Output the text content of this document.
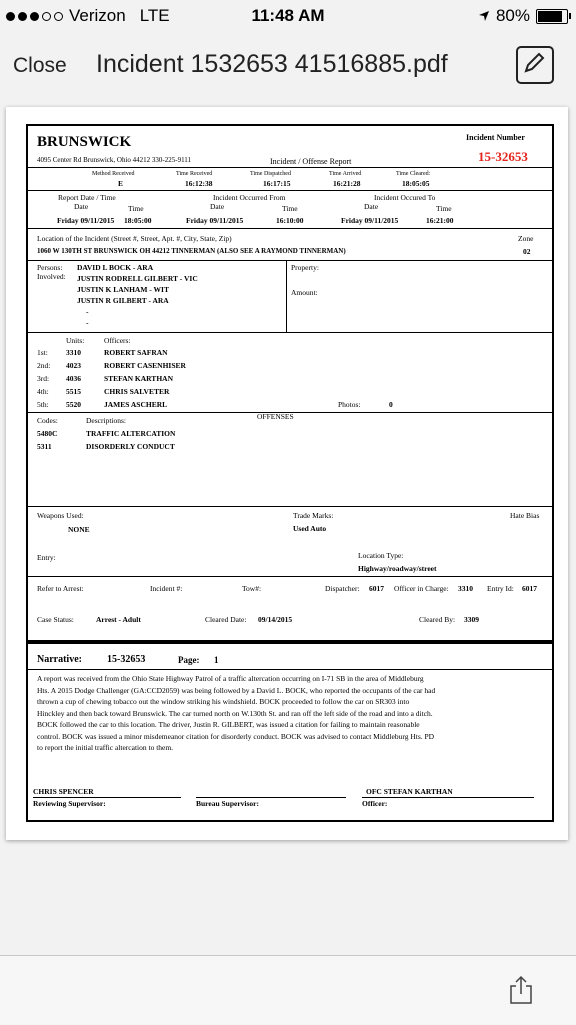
Verizon LTE	11:48 AM	80%
Close Incident 1532653 41516885.pdf
BRUNSWICK
4095 Center Rd Brunswick, Ohio 44212 330-225-9111	Incident / Offense Report
Incident Number
15-32653
Method Received
E
Time Received
16:12:38
Time Dispatched
16:17:15
Time Arrived
16:21:28
Time Cleared:
18:05:05
Report Date / Time
Date	Time
Friday 09/11/2015 18:05:00
Incident Occurred From
Date	Time
Friday 09/11/2015	16:10:00
Incident Occured To
Date	Time
Friday 09/11/2015	16:21:00
Location of the Incident (Street #, Street, Apt. #, City, State, Zip)
1060 W 130TH ST BRUNSWICK OH 44212 TINNERMAN (ALSO SEE A RAYMOND TINNERMAN)
Zone
02
Persons:
Involved:
DAVID L BOCK - ARA
JUSTIN RODRELL GILBERT - VIC
JUSTIN K LANHAM - WIT
JUSTIN R GILBERT - ARA
-
-
Property:
Amount:
Units:	Officers:
1st: 3310	ROBERT SAFRAN
2nd: 4023	ROBERT CASENHISER
3rd: 4036	STEFAN KARTHAN
4th: 5515	CHRIS SALVETER
5th: 5520	JAMES ASCHERL	Photos:	0
Codes:	Descriptions:	OFFENSES
5480C	TRAFFIC ALTERCATION
5311	DISORDERLY CONDUCT
Weapons Used:
NONE
Trade Marks:
Used Auto
Hate Bias
Entry:	Location Type:
Highway/roadway/street
Refer to Arrest:	Incident #:	Tow#:	Dispatcher: 6017 Officer in Charge: 3310 Entry Id: 6017
Case Status:	Arrest - Adult	Cleared Date: 09/14/2015	Cleared By: 3309
Narrative:	15-32653	Page: 1
A report was received from the Ohio State Highway Patrol of a traffic altercation occurring on I-71 SB in the area of Middleburg
Hts. A 2015 Dodge Challenger (GA:CCD2059) was being followed by a David L. BOCK, who reported the occupants of the car had
thrown a cup of chewing tobacco out the window striking his windshield. BOCK proceeded to follow the car on SR303 into
Hinckley and then back toward Brunswick. The car turned north on W.130th St. and ran off the left side of the road and into a ditch.
BOCK followed the car to this location. The driver, Justin R. GILBERT, was issued a citation for failing to maintain reasonable
control. BOCK was issued a minor misdemeanor citation for disorderly conduct. BOCK was advised to contact Middleburg Hts. PD
to report the initial traffic altercation to them.
CHRIS SPENCER
Reviewing Supervisor:	Bureau Supervisor:
OFC STEFAN KARTHAN
Officer:
